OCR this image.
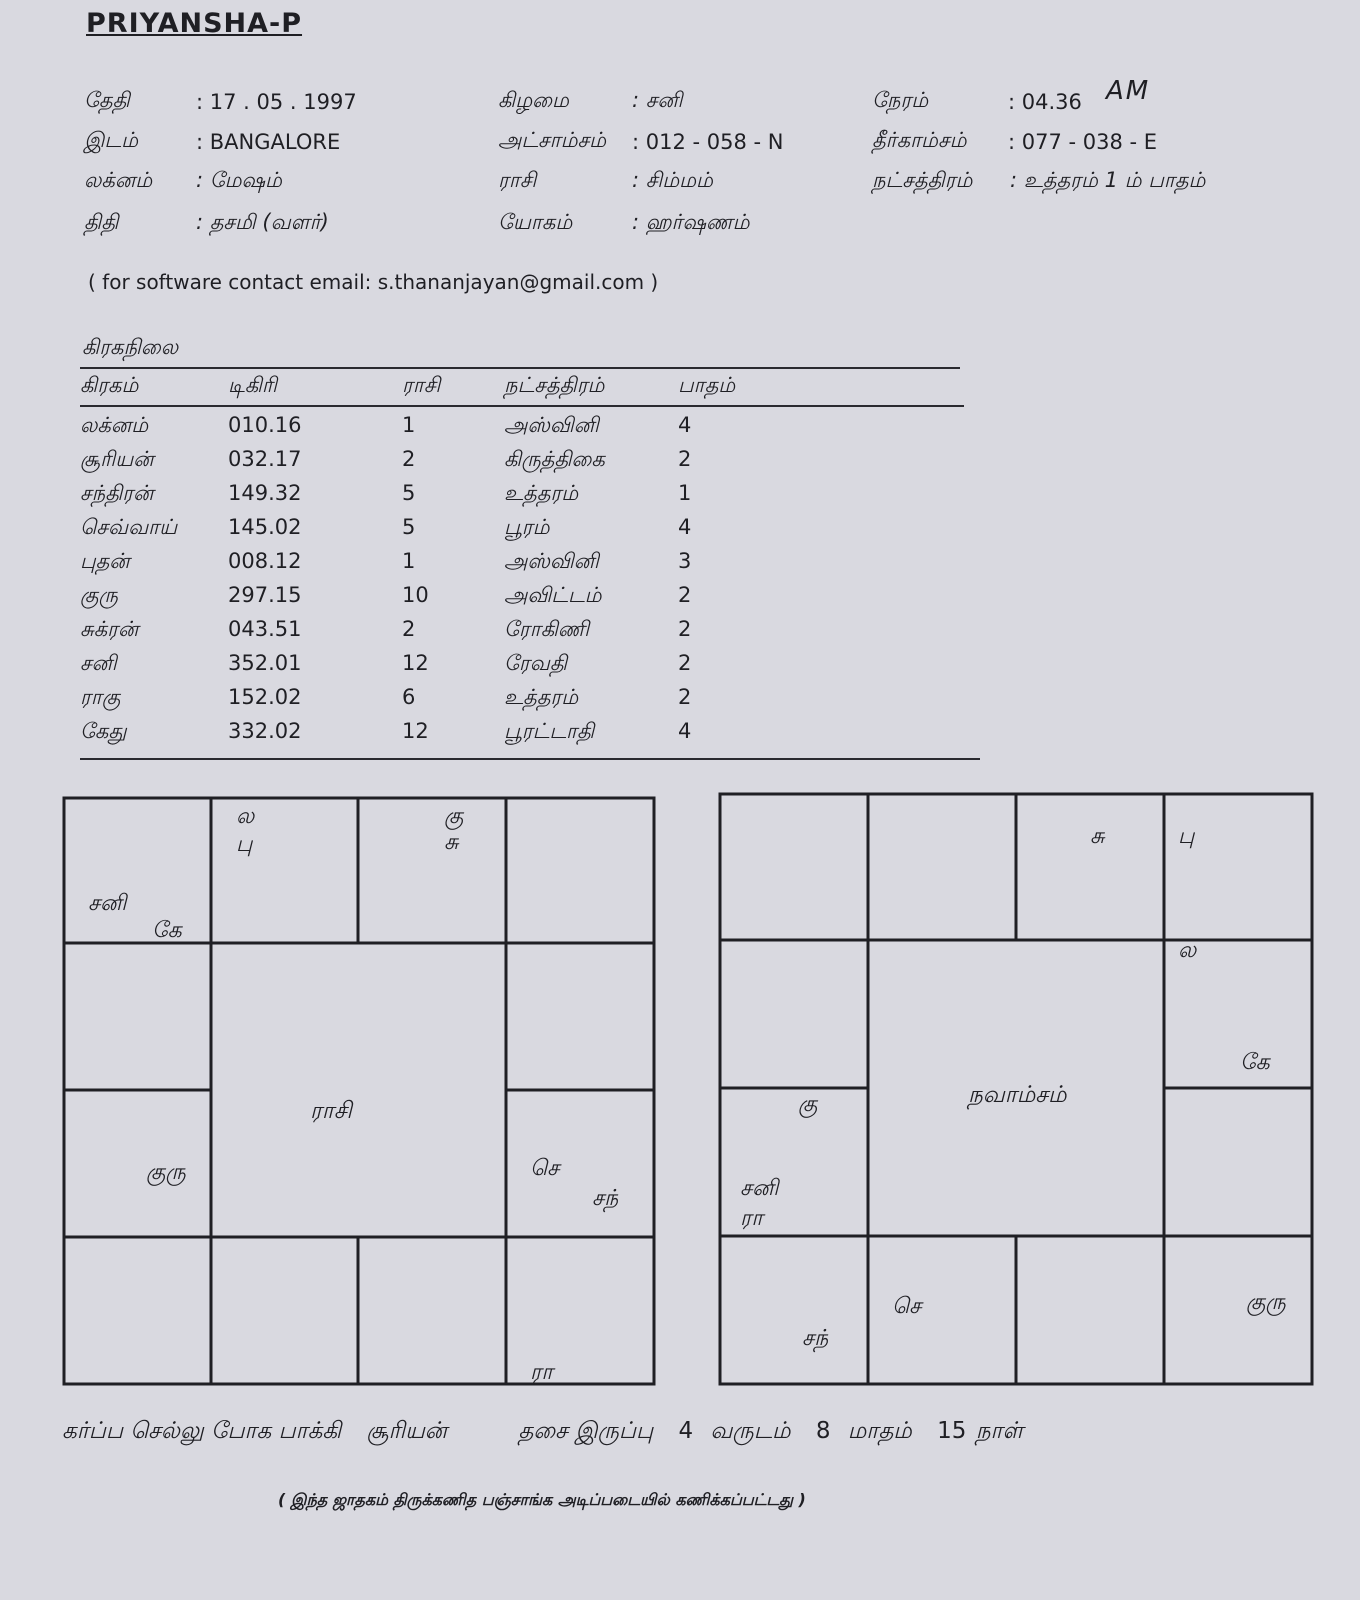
PRIYANSHA-P
தேதி	: 17 . 05 . 1997
இடம்	: BANGALORE
லக்னம் : மேஷம்
திதி	: தசமி (வளர்)
கிழமை	: சனி
அட்சாம்சம் : 012 - 058 - N
ராசி	: சிம்மம்
யோகம்	: ஹர்ஷணம்
நேரம்	: 04.36 AM
தீர்காம்சம் : 077 - 038 - E
நட்சத்திரம் : உத்தரம் 1 ம் பாதம்
( for software contact email: s.thananjayan@gmail.com )
கிரகநிலை
கிரகம்	டிகிரி	ராசி	நட்சத்திரம்	பாதம்
லக்னம்	010.16	1	அஸ்வினி	4
சூரியன்	032.17	2	கிருத்திகை	2
சந்திரன்	149.32	5	உத்தரம்	1
செவ்வாய் 145.02	5	பூரம்	4
புதன்	008.12	1	அஸ்வினி	3
குரு	297.15	10	அவிட்டம்	2
சுக்ரன்	043.51	2	ரோகிணி	2
சனி	352.01	12	ரேவதி	2
ராகு	152.02	6	உத்தரம்	2
கேது	332.02	12	பூரட்டாதி	4
ராசி
சனி
கே
ல
பு
கு
சு
குரு	செ
சந்
ரா
நவாம்சம்
சு	பு
ல
கே
கு
சனி
ரா
சந்
செ	குரு
கர்ப்ப செல்லு போக பாக்கி சூரியன்	தசை இருப்பு 4 வருடம் 8 மாதம் 15 நாள்
( இந்த ஜாதகம் திருக்கணித பஞ்சாங்க அடிப்படையில் கணிக்கப்பட்டது )
